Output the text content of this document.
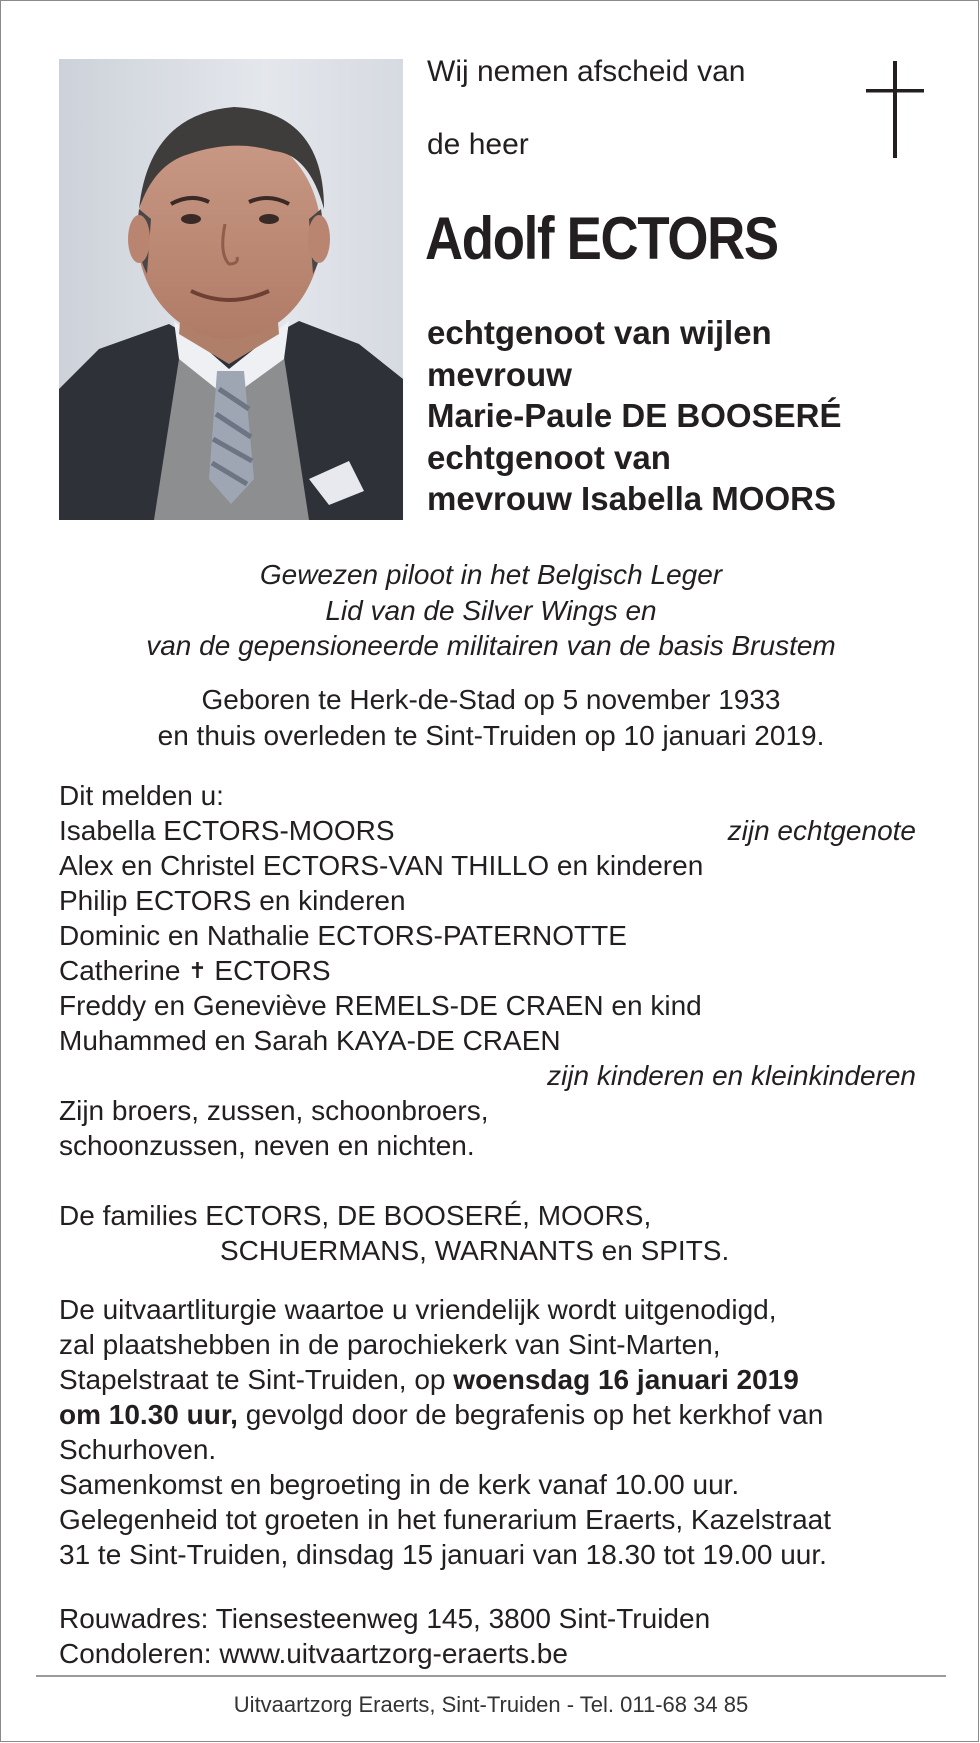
Wij nemen afscheid van
de heer
Adolf ECTORS
echtgenoot van wijlen
mevrouw
Marie-Paule DE BOOSERÉ
echtgenoot van
mevrouw Isabella MOORS
Gewezen piloot in het Belgisch Leger
Lid van de Silver Wings en
van de gepensioneerde militairen van de basis Brustem
Geboren te Herk-de-Stad op 5 november 1933
en thuis overleden te Sint-Truiden op 10 januari 2019.
Dit melden u:
Isabella ECTORS-MOORS	zijn echtgenote
Alex en Christel ECTORS-VAN THILLO en kinderen
Philip ECTORS en kinderen
Dominic en Nathalie ECTORS-PATERNOTTE
Catherine ✝ ECTORS
Freddy en Geneviève REMELS-DE CRAEN en kind
Muhammed en Sarah KAYA-DE CRAEN
zijn kinderen en kleinkinderen
Zijn broers, zussen, schoonbroers,
schoonzussen, neven en nichten.
De families ECTORS, DE BOOSERÉ, MOORS,
SCHUERMANS, WARNANTS en SPITS.
De uitvaartliturgie waartoe u vriendelijk wordt uitgenodigd,
zal plaatshebben in de parochiekerk van Sint-Marten,
Stapelstraat te Sint-Truiden, op woensdag 16 januari 2019
om 10.30 uur, gevolgd door de begrafenis op het kerkhof van
Schurhoven.
Samenkomst en begroeting in de kerk vanaf 10.00 uur.
Gelegenheid tot groeten in het funerarium Eraerts, Kazelstraat
31 te Sint-Truiden, dinsdag 15 januari van 18.30 tot 19.00 uur.
Rouwadres: Tiensesteenweg 145, 3800 Sint-Truiden
Condoleren: www.uitvaartzorg-eraerts.be
Uitvaartzorg Eraerts, Sint-Truiden - Tel. 011-68 34 85
